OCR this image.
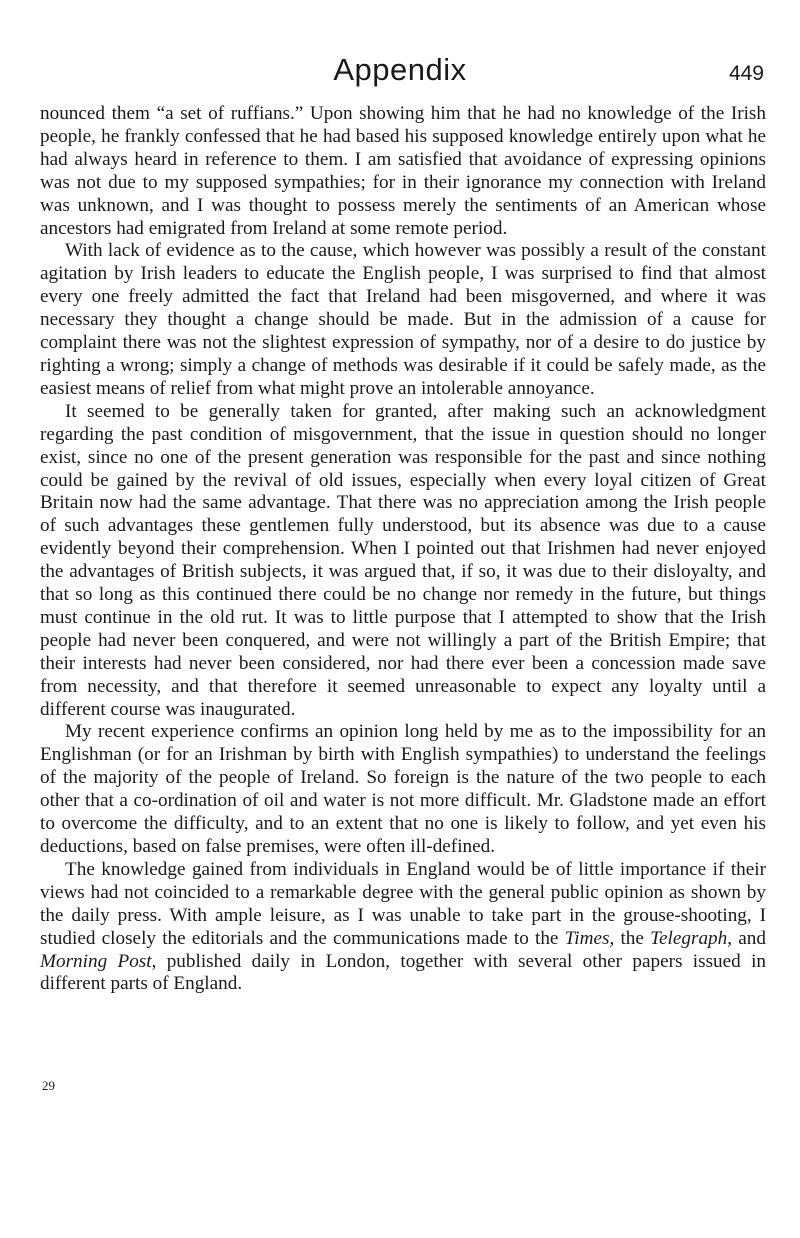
Appendix	449

nounced them “a set of ruffians.” Upon showing him that he had no knowledge of the Irish people, he frankly confessed that he had based his supposed knowledge entirely upon what he had always heard in reference to them. I am satisfied that avoidance of expressing opinions was not due to my supposed sympathies; for in their ignorance my connection with Ireland was unknown, and I was thought to possess merely the sentiments of an American whose ancestors had emigrated from Ireland at some remote period.

With lack of evidence as to the cause, which however was possibly a result of the constant agitation by Irish leaders to educate the English people, I was surprised to find that almost every one freely admitted the fact that Ireland had been misgoverned, and where it was necessary they thought a change should be made. But in the admission of a cause for complaint there was not the slightest expression of sympathy, nor of a desire to do justice by righting a wrong; simply a change of methods was desirable if it could be safely made, as the easiest means of relief from what might prove an intolerable annoyance.

It seemed to be generally taken for granted, after making such an acknowledgment regarding the past condition of misgovernment, that the issue in question should no longer exist, since no one of the present generation was responsible for the past and since nothing could be gained by the revival of old issues, especially when every loyal citizen of Great Britain now had the same advantage. That there was no appreciation among the Irish people of such advantages these gentlemen fully understood, but its absence was due to a cause evidently beyond their comprehension. When I pointed out that Irishmen had never enjoyed the advantages of British subjects, it was argued that, if so, it was due to their disloyalty, and that so long as this continued there could be no change nor remedy in the future, but things must continue in the old rut. It was to little purpose that I attempted to show that the Irish people had never been conquered, and were not willingly a part of the British Empire; that their interests had never been considered, nor had there ever been a concession made save from necessity, and that therefore it seemed unreasonable to expect any loyalty until a different course was inaugurated.

My recent experience confirms an opinion long held by me as to the impossibility for an Englishman (or for an Irishman by birth with English sympathies) to understand the feelings of the majority of the people of Ireland. So foreign is the nature of the two people to each other that a co-ordination of oil and water is not more difficult. Mr. Gladstone made an effort to overcome the difficulty, and to an extent that no one is likely to follow, and yet even his deductions, based on false premises, were often ill-defined.

The knowledge gained from individuals in England would be of little importance if their views had not coincided to a remarkable degree with the general public opinion as shown by the daily press. With ample leisure, as I was unable to take part in the grouse-shooting, I studied closely the editorials and the communications made to the Times, the Telegraph, and Morning Post, published daily in London, together with several other papers issued in different parts of England.

29
